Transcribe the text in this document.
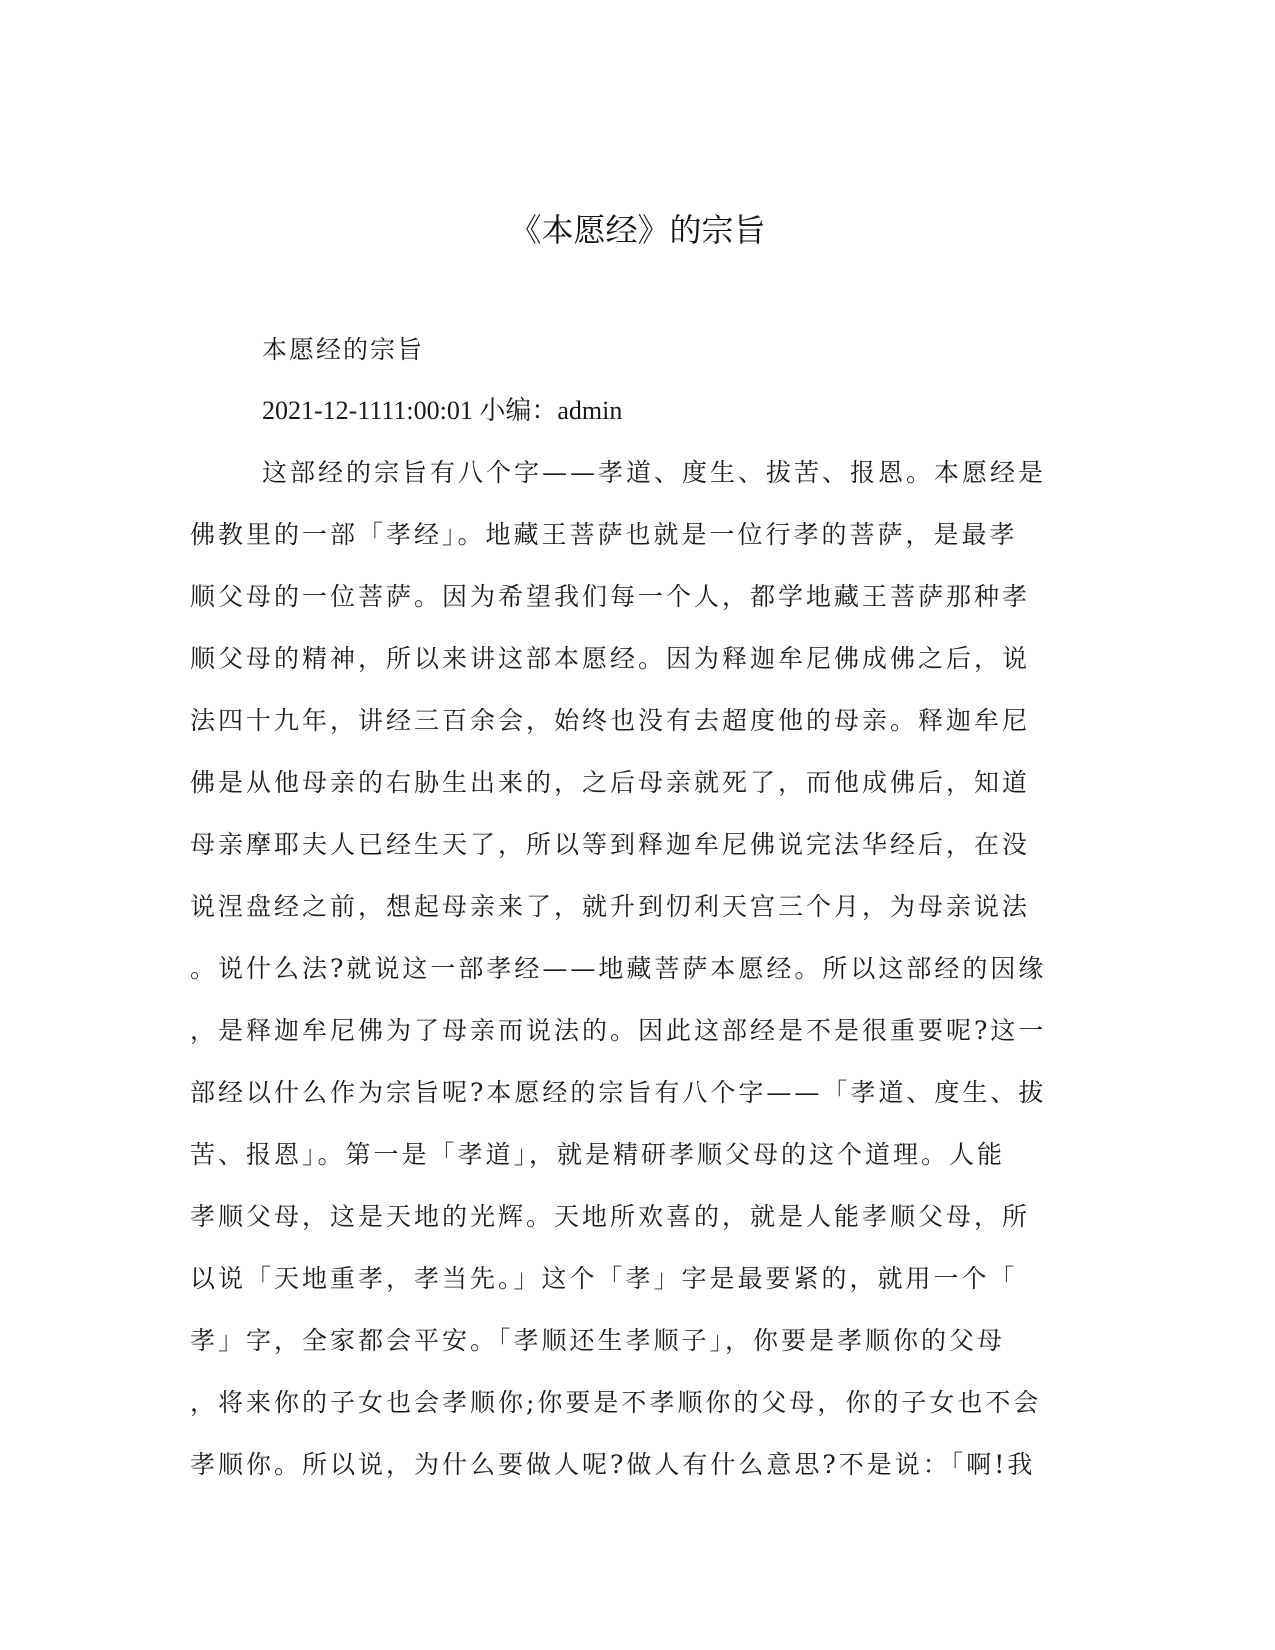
《本愿经》的宗旨
本愿经的宗旨
2021-12-1111:00:01 小编：admin
这部经的宗旨有八个字——孝道、度生、拔苦、报恩。本愿经是
佛教里的一部「孝经」。地藏王菩萨也就是一位行孝的菩萨，是最孝
顺父母的一位菩萨。因为希望我们每一个人，都学地藏王菩萨那种孝
顺父母的精神，所以来讲这部本愿经。因为释迦牟尼佛成佛之后，说
法四十九年，讲经三百余会，始终也没有去超度他的母亲。释迦牟尼
佛是从他母亲的右胁生出来的，之后母亲就死了，而他成佛后，知道
母亲摩耶夫人已经生天了，所以等到释迦牟尼佛说完法华经后，在没
说涅盘经之前，想起母亲来了，就升到忉利天宫三个月，为母亲说法
。说什么法?就说这一部孝经——地藏菩萨本愿经。所以这部经的因缘
，是释迦牟尼佛为了母亲而说法的。因此这部经是不是很重要呢?这一
部经以什么作为宗旨呢?本愿经的宗旨有八个字——「孝道、度生、拔
苦、报恩」。第一是「孝道」，就是精研孝顺父母的这个道理。人能
孝顺父母，这是天地的光辉。天地所欢喜的，就是人能孝顺父母，所
以说「天地重孝，孝当先。」这个「孝」字是最要紧的，就用一个「
孝」字，全家都会平安。「孝顺还生孝顺子」，你要是孝顺你的父母
，将来你的子女也会孝顺你;你要是不孝顺你的父母，你的子女也不会
孝顺你。所以说，为什么要做人呢?做人有什么意思?不是说：「啊!我
